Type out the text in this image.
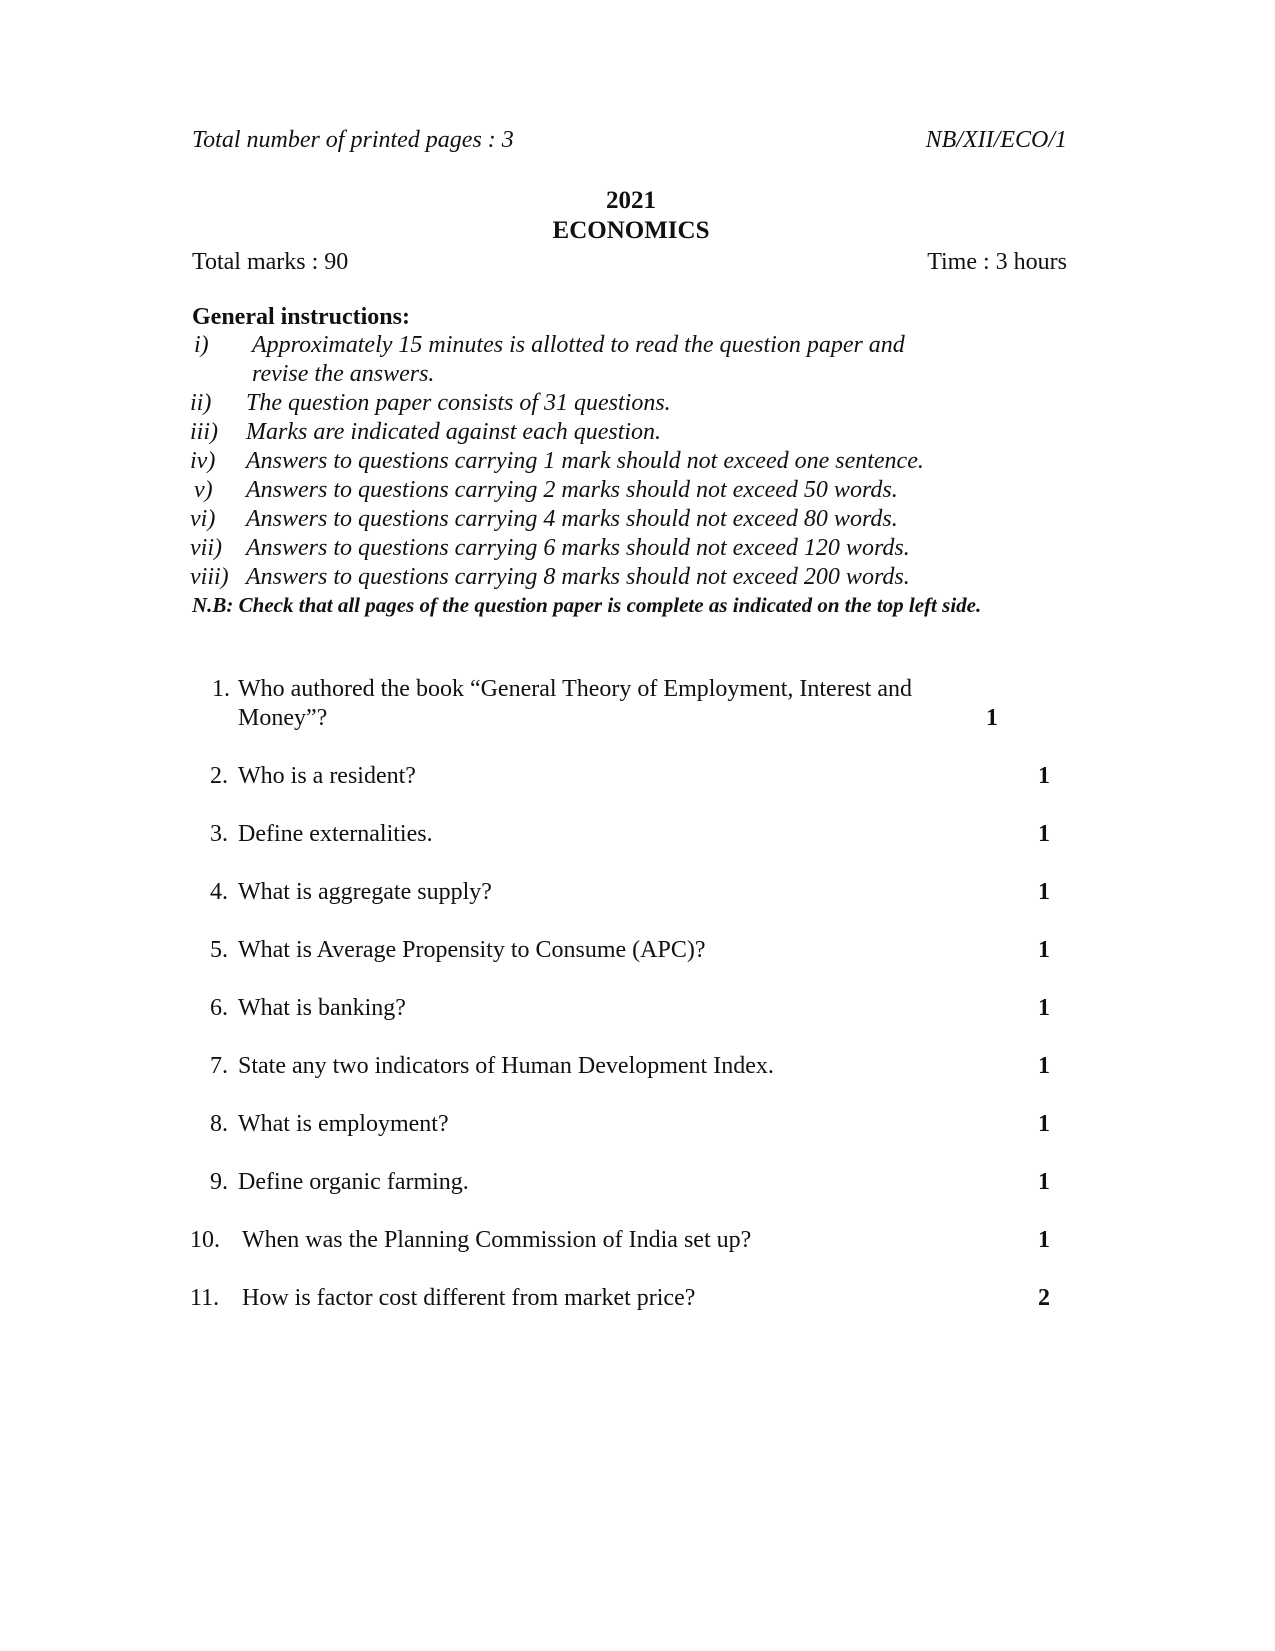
Total number of printed pages : 3	NB/XII/ECO/1
2021
ECONOMICS
Total marks : 90	Time : 3 hours
General instructions:
i)	Approximately 15 minutes is allotted to read the question paper and revise the answers.
ii)	The question paper consists of 31 questions.
iii)	Marks are indicated against each question.
iv)	Answers to questions carrying 1 mark should not exceed one sentence.
v)	Answers to questions carrying 2 marks should not exceed 50 words.
vi)	Answers to questions carrying 4 marks should not exceed 80 words.
vii)	Answers to questions carrying 6 marks should not exceed 120 words.
viii) Answers to questions carrying 8 marks should not exceed 200 words.
N.B: Check that all pages of the question paper is complete as indicated on the top left side.
1. Who authored the book “General Theory of Employment, Interest and Money”?	1
2. Who is a resident?	1
3. Define externalities.	1
4. What is aggregate supply?	1
5. What is Average Propensity to Consume (APC)?	1
6. What is banking?	1
7. State any two indicators of Human Development Index.	1
8. What is employment?	1
9. Define organic farming.	1
10. When was the Planning Commission of India set up?	1
11. How is factor cost different from market price?	2
